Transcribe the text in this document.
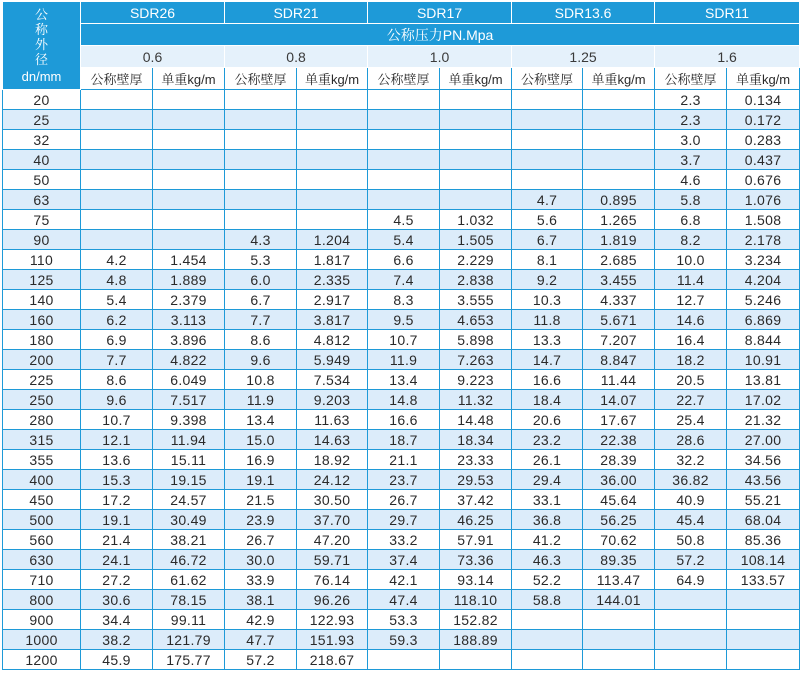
公称外径
dn/mm	SDR26		SDR21		SDR17		SDR13.6		SDR11	
	公称压力PN.Mpa									
	0.6		0.8		1.0		1.25		1.6	
	公称壁厚	单重kg/m	公称壁厚	单重kg/m	公称壁厚	单重kg/m	公称壁厚	单重kg/m	公称壁厚	单重kg/m
20									2.3	0.134
25									2.3	0.172
32									3.0	0.283
40									3.7	0.437
50									4.6	0.676
63							4.7	0.895	5.8	1.076
75					4.5	1.032	5.6	1.265	6.8	1.508
90			4.3	1.204	5.4	1.505	6.7	1.819	8.2	2.178
110	4.2	1.454	5.3	1.817	6.6	2.229	8.1	2.685	10.0	3.234
125	4.8	1.889	6.0	2.335	7.4	2.838	9.2	3.455	11.4	4.204
140	5.4	2.379	6.7	2.917	8.3	3.555	10.3	4.337	12.7	5.246
160	6.2	3.113	7.7	3.817	9.5	4.653	11.8	5.671	14.6	6.869
180	6.9	3.896	8.6	4.812	10.7	5.898	13.3	7.207	16.4	8.844
200	7.7	4.822	9.6	5.949	11.9	7.263	14.7	8.847	18.2	10.91
225	8.6	6.049	10.8	7.534	13.4	9.223	16.6	11.44	20.5	13.81
250	9.6	7.517	11.9	9.203	14.8	11.32	18.4	14.07	22.7	17.02
280	10.7	9.398	13.4	11.63	16.6	14.48	20.6	17.67	25.4	21.32
315	12.1	11.94	15.0	14.63	18.7	18.34	23.2	22.38	28.6	27.00
355	13.6	15.11	16.9	18.92	21.1	23.33	26.1	28.39	32.2	34.56
400	15.3	19.15	19.1	24.12	23.7	29.53	29.4	36.00	36.82	43.56
450	17.2	24.57	21.5	30.50	26.7	37.42	33.1	45.64	40.9	55.21
500	19.1	30.49	23.9	37.70	29.7	46.25	36.8	56.25	45.4	68.04
560	21.4	38.21	26.7	47.20	33.2	57.91	41.2	70.62	50.8	85.36
630	24.1	46.72	30.0	59.71	37.4	73.36	46.3	89.35	57.2	108.14
710	27.2	61.62	33.9	76.14	42.1	93.14	52.2	113.47	64.9	133.57
800	30.6	78.15	38.1	96.26	47.4	118.10	58.8	144.01		
900	34.4	99.11	42.9	122.93	53.3	152.82				
1000	38.2	121.79	47.7	151.93	59.3	188.89				
1200	45.9	175.77	57.2	218.67						
